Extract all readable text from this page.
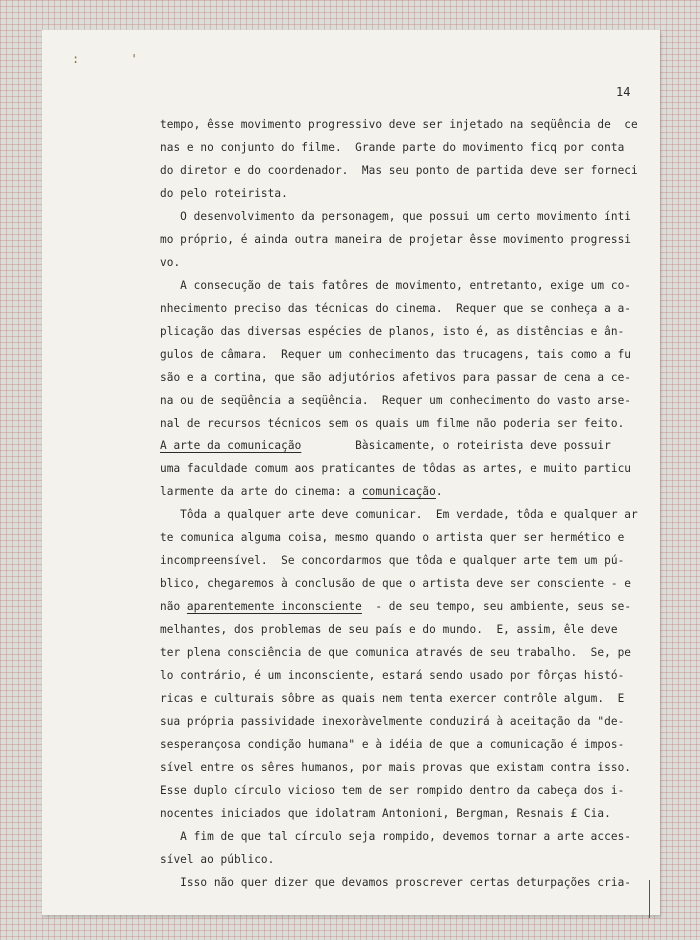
: '
14
tempo, êsse movimento progressivo deve ser injetado na seqüência de  ce
nas e no conjunto do filme.  Grande parte do movimento ficq por conta
do diretor e do coordenador.  Mas seu ponto de partida deve ser forneci
do pelo roteirista.
O desenvolvimento da personagem, que possui um certo movimento ínti
mo próprio, é ainda outra maneira de projetar êsse movimento progressi
vo.
A consecução de tais fatôres de movimento, entretanto, exige um co-
nhecimento preciso das técnicas do cinema.  Requer que se conheça a a-
plicação das diversas espécies de planos, isto é, as distências e ân-
gulos de câmara.  Requer um conhecimento das trucagens, tais como a fu
são e a cortina, que são adjutórios afetivos para passar de cena a ce-
na ou de seqüência a seqüência.  Requer um conhecimento do vasto arse-
nal de recursos técnicos sem os quais um filme não poderia ser feito.
uma faculdade comum aos praticantes de tôdas as artes, e muito particu
Tôda a qualquer arte deve comunicar.  Em verdade, tôda e qualquer ar
te comunica alguma coisa, mesmo quando o artista quer ser hermético e
incompreensível.  Se concordarmos que tôda e qualquer arte tem um pú-
blico, chegaremos à conclusão de que o artista deve ser consciente - e
melhantes, dos problemas de seu país e do mundo.  E, assim, êle deve
ter plena consciência de que comunica através de seu trabalho.  Se, pe
lo contrário, é um inconsciente, estará sendo usado por fôrças histó-
ricas e culturais sôbre as quais nem tenta exercer contrôle algum.  E
sua própria passividade inexoràvelmente conduzirá à aceitação da "de-
sesperançosa condição humana" e à idéia de que a comunicação é impos-
sível entre os sêres humanos, por mais provas que existam contra isso.
Esse duplo círculo vicioso tem de ser rompido dentro da cabeça dos i-
nocentes iniciados que idolatram Antonioni, Bergman, Resnais £ Cia.
A fim de que tal círculo seja rompido, devemos tornar a arte acces-
sível ao público.
Isso não quer dizer que devamos proscrever certas deturpações cria-
A arte da comunicação        Bàsicamente, o roteirista deve possuir
larmente da arte do cinema: a comunicação.
não aparentemente inconsciente  - de seu tempo, seu ambiente, seus se-
